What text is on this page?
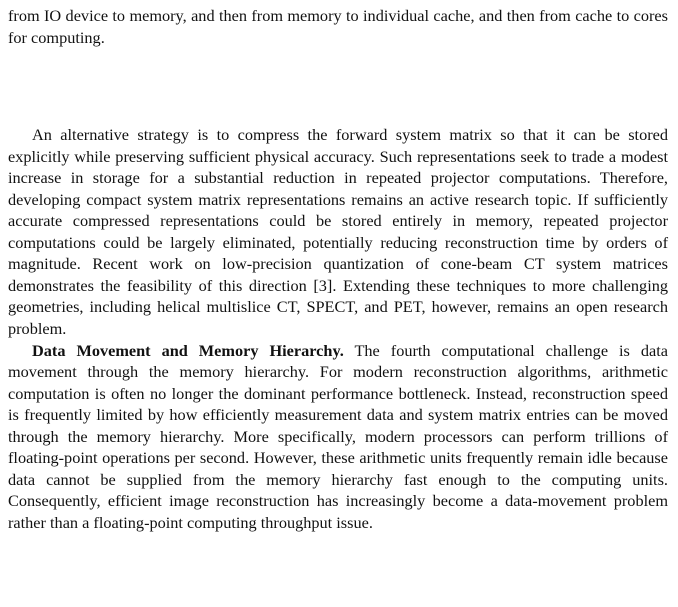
from IO device to memory, and then from memory to individual cache, and then from cache to cores for computing.

An alternative strategy is to compress the forward system matrix so that it can be stored explicitly while preserving sufficient physical accuracy. Such representations seek to trade a modest increase in storage for a substantial reduction in repeated projector computations. Therefore, developing compact system matrix representations remains an active research topic. If sufficiently accurate compressed representations could be stored entirely in memory, repeated projector computations could be largely eliminated, potentially reducing reconstruction time by orders of magnitude. Recent work on low-precision quantization of cone-beam CT system matrices demonstrates the feasibility of this direction [3]. Extending these techniques to more challenging geometries, including helical multislice CT, SPECT, and PET, however, remains an open research problem.

Data Movement and Memory Hierarchy. The fourth computational challenge is data movement through the memory hierarchy. For modern reconstruction algorithms, arithmetic computation is often no longer the dominant performance bottleneck. Instead, reconstruction speed is frequently limited by how efficiently measurement data and system matrix entries can be moved through the memory hierarchy. More specifically, modern processors can perform trillions of floating-point operations per second. However, these arithmetic units frequently remain idle because data cannot be supplied from the memory hierarchy fast enough to the computing units. Consequently, efficient image reconstruction has increasingly become a data-movement problem rather than a floating-point computing throughput issue.
